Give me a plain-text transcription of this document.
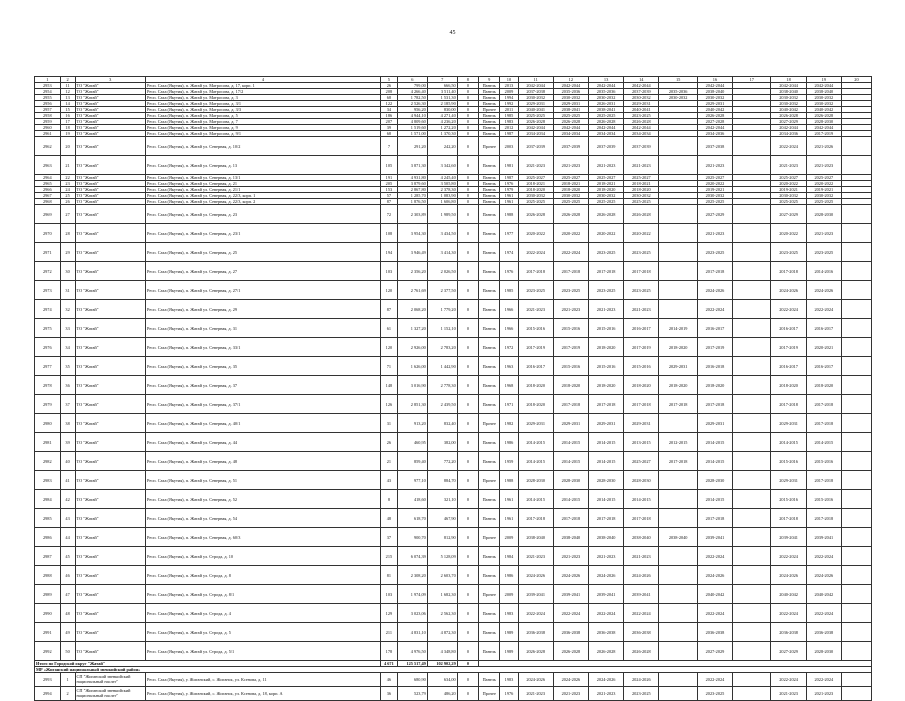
45
1	2	3	4	5	6	7	8	9	10	11	12	13	14	15	16	17	18	19	20
2953	11	ТО "Жатай"	Респ. Саха (Якутия), п. Жатай ул. Матросова, д. 17, корп. 1	26	799,00	666,50	0	Панель	2013	2042-2044	2042-2044	2042-2044	2042-2044		2042-2044		2042-2044	2042-2044	
2954	12	ТО "Жатай"	Респ. Саха (Якутия), п. Жатай ул. Матросова, д. 17/2	208	4 266,40	3 511,40	0	Панель	2009	2037-2038	2035-2036	2035-2036	2037-2039	2035-2036	2038-2040		2038-2040	2038-2040	
2955	13	ТО "Жатай"	Респ. Саха (Якутия), п. Жатай ул. Матросова, д. 3	68	1 782,50	1 531,30	0	Панель	1994	2030-2032	2030-2032	2030-2032	2030-2032	2030-2032	2030-2032		2030-2032	2030-2032	
2956	14	ТО "Жатай"	Респ. Саха (Якутия), п. Жатай ул. Матросова, д. 3/1	122	2 526,30	2 185,90	0	Панель	1992	2029-2031	2029-2031	2026-2031	2029-2031		2029-2031		2030-2032	2030-2032	
2957	15	ТО "Жатай"	Респ. Саха (Якутия), п. Жатай ул. Матросова, д. 3/3	34	956,20	830,00	0	Прочее	2011	2040-2041	2038-2041	2038-2041	2040-2041		2040-2042		2040-2042	2040-2042	
2958	16	ТО "Жатай"	Респ. Саха (Якутия), п. Жатай ул. Матросова, д. 5	186	4 944,10	4 271,40	0	Панель	1985	2025-2025	2025-2025	2025-2025	2023-2025		2026-2028		2026-2028	2026-2028	
2959	17	ТО "Жатай"	Респ. Саха (Якутия), п. Жатай ул. Матросова, д. 7	207	4 809,60	4 236,20	0	Панель	1983	2026-2028	2026-2028	2026-2028	2026-2028		2027-2028		2027-2029	2028-2030	
2960	18	ТО "Жатай"	Респ. Саха (Якутия), п. Жатай ул. Матросова, д. 9	39	1 519,60	1 272,20	0	Панель	2012	2042-2044	2042-2044	2042-2044	2042-2044		2042-2044		2042-2044	2042-2044	
2961	19	ТО "Жатай"	Респ. Саха (Якутия), п. Жатай ул. Матросова, д. 9/1	68	1 571,00	1 370,30	0	Панель	1987	2034-2034	2034-2034	2034-2034	2034-2034		2034-2036		2034-2036	2017-2019	
2962	20	ТО "Жатай"	Респ. Саха (Якутия), п. Жатай ул. Северная, д. 10/2	7	291,20	242,20	0	Прочее	2003	2037-2039	2037-2039	2037-2039	2037-2039		2037-2038		2022-2024	2021-2026	
2963	21	ТО "Жатай"	Респ. Саха (Якутия), п. Жатай ул. Северная, д. 13	105	3 871,30	3 342,60	0	Панель	1981	2021-2023	2021-2023	2021-2023	2021-2023		2021-2023		2021-2023	2021-2023	
2964	22	ТО "Жатай"	Респ. Саха (Якутия), п. Жатай ул. Северная, д. 13/1	191	4 931,80	4 245,40	0	Панель	1987	2025-2027	2025-2027	2025-2027	2025-2027		2025-2027		2025-2027	2025-2027	
2965	23	ТО "Жатай"	Респ. Саха (Якутия), п. Жатай ул. Северная, д. 21	205	3 879,60	3 505,80	0	Панель	1976	2018-2021	2018-2021	2018-2021	2018-2021		2020-2022		2020-2022	2020-2022	
2966	24	ТО "Жатай"	Респ. Саха (Якутия), п. Жатай ул. Северная, д. 21/1	153	2 867,80	2 378,30	0	Панель	1979	2018-2020	2018-2020	2018-2020	2018-2020		2019-2021		2019-2021	2019-2021	
2967	25	ТО "Жатай"	Респ. Саха (Якутия), п. Жатай ул. Северная, д. 22/3, корп. 1	57	1 285,70	1 083,90	0	Панель	1961	2030-2032	2030-2032	2030-2032	2030-2032		2030-2032		2030-2032	2030-2032	
2968	26	ТО "Жатай"	Респ. Саха (Якутия), п. Жатай ул. Северная, д. 22/3, корп. 2	87	1 876,50	1 606,80	0	Панель	1961	2025-2025	2025-2025	2025-2025	2025-2025		2025-2025		2025-2025	2025-2025	
2969	27	ТО "Жатай"	Респ. Саха (Якутия), п. Жатай ул. Северная, д. 23	72	2 303,89	1 989,50	0	Панель	1988	2026-2028	2026-2028	2026-2028	2026-2028		2027-2029		2027-2029	2028-2030	
2970	28	ТО "Жатай"	Респ. Саха (Якутия), п. Жатай ул. Северная, д. 23/1	108	3 954,30	3 434,50	0	Панель	1977	2020-2022	2020-2022	2020-2022	2020-2022		2021-2023		2020-2022	2021-2023	
2971	29	ТО "Жатай"	Респ. Саха (Якутия), п. Жатай ул. Северная, д. 25	194	3 946,49	3 414,30	0	Панель	1974	2022-2024	2022-2024	2023-2025	2023-2025		2023-2025		2023-2025	2023-2025	
2972	30	ТО "Жатай"	Респ. Саха (Якутия), п. Жатай ул. Северная, д. 27	103	2 356,20	2 026,50	0	Панель	1976	2017-2018	2017-2018	2017-2018	2017-2018		2017-2018		2017-2018	2014-2016	
2973	31	ТО "Жатай"	Респ. Саха (Якутия), п. Жатай ул. Северная, д. 27/1	120	2 761,69	2 377,50	0	Панель	1985	2023-2025	2023-2025	2023-2025	2023-2025		2024-2026		2024-2026	2024-2026	
2974	32	ТО "Жатай"	Респ. Саха (Якутия), п. Жатай ул. Северная, д. 29	87	2 068,20	1 779,20	0	Панель	1966	2021-2023	2021-2023	2021-2023	2021-2023		2022-2024		2022-2024	2022-2024	
2975	33	ТО "Жатай"	Респ. Саха (Якутия), п. Жатай ул. Северная, д. 31	61	1 327,20	1 152,10	0	Панель	1966	2015-2016	2015-2016	2015-2016	2016-2017	2014-2019	2016-2017		2016-2017	2016-2017	
2976	34	ТО "Жатай"	Респ. Саха (Якутия), п. Жатай ул. Северная, д. 33/1	120	2 926,00	2 783,20	0	Панель	1972	2017-2019	2017-2019	2018-2020	2017-2019	2018-2020	2017-2019		2017-2019	2020-2021	
2977	35	ТО "Жатай"	Респ. Саха (Якутия), п. Жатай ул. Северная, д. 35	71	1 626,00	1 442,90	0	Панель	1963	2016-2017	2015-2016	2015-2016	2015-2016	2029-2031	2016-2018		2016-2017	2016-2017	
2978	36	ТО "Жатай"	Респ. Саха (Якутия), п. Жатай ул. Северная, д. 37	148	3 016,90	2 778,30	0	Панель	1968	2018-2020	2018-2020	2018-2020	2018-2020	2018-2020	2018-2020		2018-2020	2018-2020	
2979	37	ТО "Жатай"	Респ. Саха (Якутия), п. Жатай ул. Северная, д. 37/1	126	2 851,30	2 439,50	0	Панель	1971	2018-2020	2017-2018	2017-2018	2017-2018	2017-2018	2017-2018		2017-2018	2017-2018	
2980	38	ТО "Жатай"	Респ. Саха (Якутия), п. Жатай ул. Северная, д. 40/1	31	913,20	832,40	0	Прочее	1982	2029-2031	2029-2031	2029-2031	2029-2031		2029-2031		2029-2031	2017-2018	
2981	39	ТО "Жатай"	Респ. Саха (Якутия), п. Жатай ул. Северная, д. 44	26	460,95	382,00	0	Панель	1986	2014-2015	2014-2015	2014-2015	2013-2015	2012-2015	2014-2015		2014-2015	2014-2015	
2982	40	ТО "Жатай"	Респ. Саха (Якутия), п. Жатай ул. Северная, д. 48	21	859,40	772,20	0	Панель	1959	2014-2015	2014-2015	2014-2015	2025-2027	2017-2018	2014-2015		2015-2016	2015-2016	
2983	41	ТО "Жатай"	Респ. Саха (Якутия), п. Жатай ул. Северная, д. 51	43	977,10	884,70	0	Прочее	1988	2028-2030	2028-2030	2028-2030	2028-2030		2028-2030		2029-2031	2017-2018	
2984	42	ТО "Жатай"	Респ. Саха (Якутия), п. Жатай ул. Северная, д. 52	8	418,60	321,10	0	Панель	1961	2014-2015	2014-2015	2014-2015	2014-2015		2014-2015		2015-2016	2015-2016	
2985	43	ТО "Жатай"	Респ. Саха (Якутия), п. Жатай ул. Северная, д. 54	48	618,70	467,90	0	Панель	1961	2017-2018	2017-2018	2017-2018	2017-2018		2017-2018		2017-2018	2017-2018	
2986	44	ТО "Жатай"	Респ. Саха (Якутия), п. Жатай ул. Северная, д. 60/3	37	900,70	812,90	0	Прочее	2009	2038-2040	2038-2040	2038-2040	2038-2040	2038-2040	2039-2041		2039-2041	2039-2041	
2987	45	ТО "Жатай"	Респ. Саха (Якутия), п. Жатай ул. Строда, д. 10	215	6 074,39	5 128,09	0	Панель	1984	2021-2023	2021-2023	2021-2023	2021-2023		2022-2024		2022-2024	2022-2024	
2988	46	ТО "Жатай"	Респ. Саха (Якутия), п. Жатай ул. Строда, д. 8	81	2 308,20	2 603,70	0	Панель	1986	2024-2026	2024-2026	2024-2026	2024-2026		2024-2026		2024-2026	2024-2026	
2989	47	ТО "Жатай"	Респ. Саха (Якутия), п. Жатай ул. Строда, д. 8/1	103	1 974,09	1 682,30	0	Прочее	2009	2039-2041	2039-2041	2039-2041	2039-2041		2040-2042		2040-2042	2040-2042	
2990	48	ТО "Жатай"	Респ. Саха (Якутия), п. Жатай ул. Строда, д. 4	129	3 023,06	2 562,30	0	Панель	1983	2022-2024	2022-2024	2022-2024	2022-2024		2022-2024		2022-2024	2022-2024	
2991	49	ТО "Жатай"	Респ. Саха (Якутия), п. Жатай ул. Строда, д. 5	211	4 831,10	4 872,30	0	Панель	1989	2036-2038	2036-2038	2036-2038	2036-2038		2036-2038		2036-2038	2036-2038	
2992	50	ТО "Жатай"	Респ. Саха (Якутия), п. Жатай ул. Строда, д. 5/1	178	4 976,50	4 348,80	0	Панель	1989	2026-2028	2026-2028	2026-2028	2026-2028		2027-2029		2027-2029	2028-2030	
Итого по Городской округ "Жатай"				4 671	125 517,49	102 902,29	0												
МР «Жиганский национальный эвенкийский район»																			
2993	1	СП "Жиганский эвенкийский национальный наслег"	Респ. Саха (Якутия), у. Жиганский, с. Жиганск, ул. Ксенова, д. 11	46	680,90	634,00	0	Панель	1983	2024-2026	2024-2026	2024-2026	2024-2026		2022-2024		2022-2024	2022-2024	
2994	2	СП "Жиганский эвенкийский национальный наслег"	Респ. Саха (Якутия), у. Жиганский, с. Жиганск, ул. Ксенова, д. 18, корп. А	36	523,79	486,20	0	Прочее	1976	2021-2023	2021-2023	2021-2023	2023-2025		2023-2025		2021-2023	2021-2023	
